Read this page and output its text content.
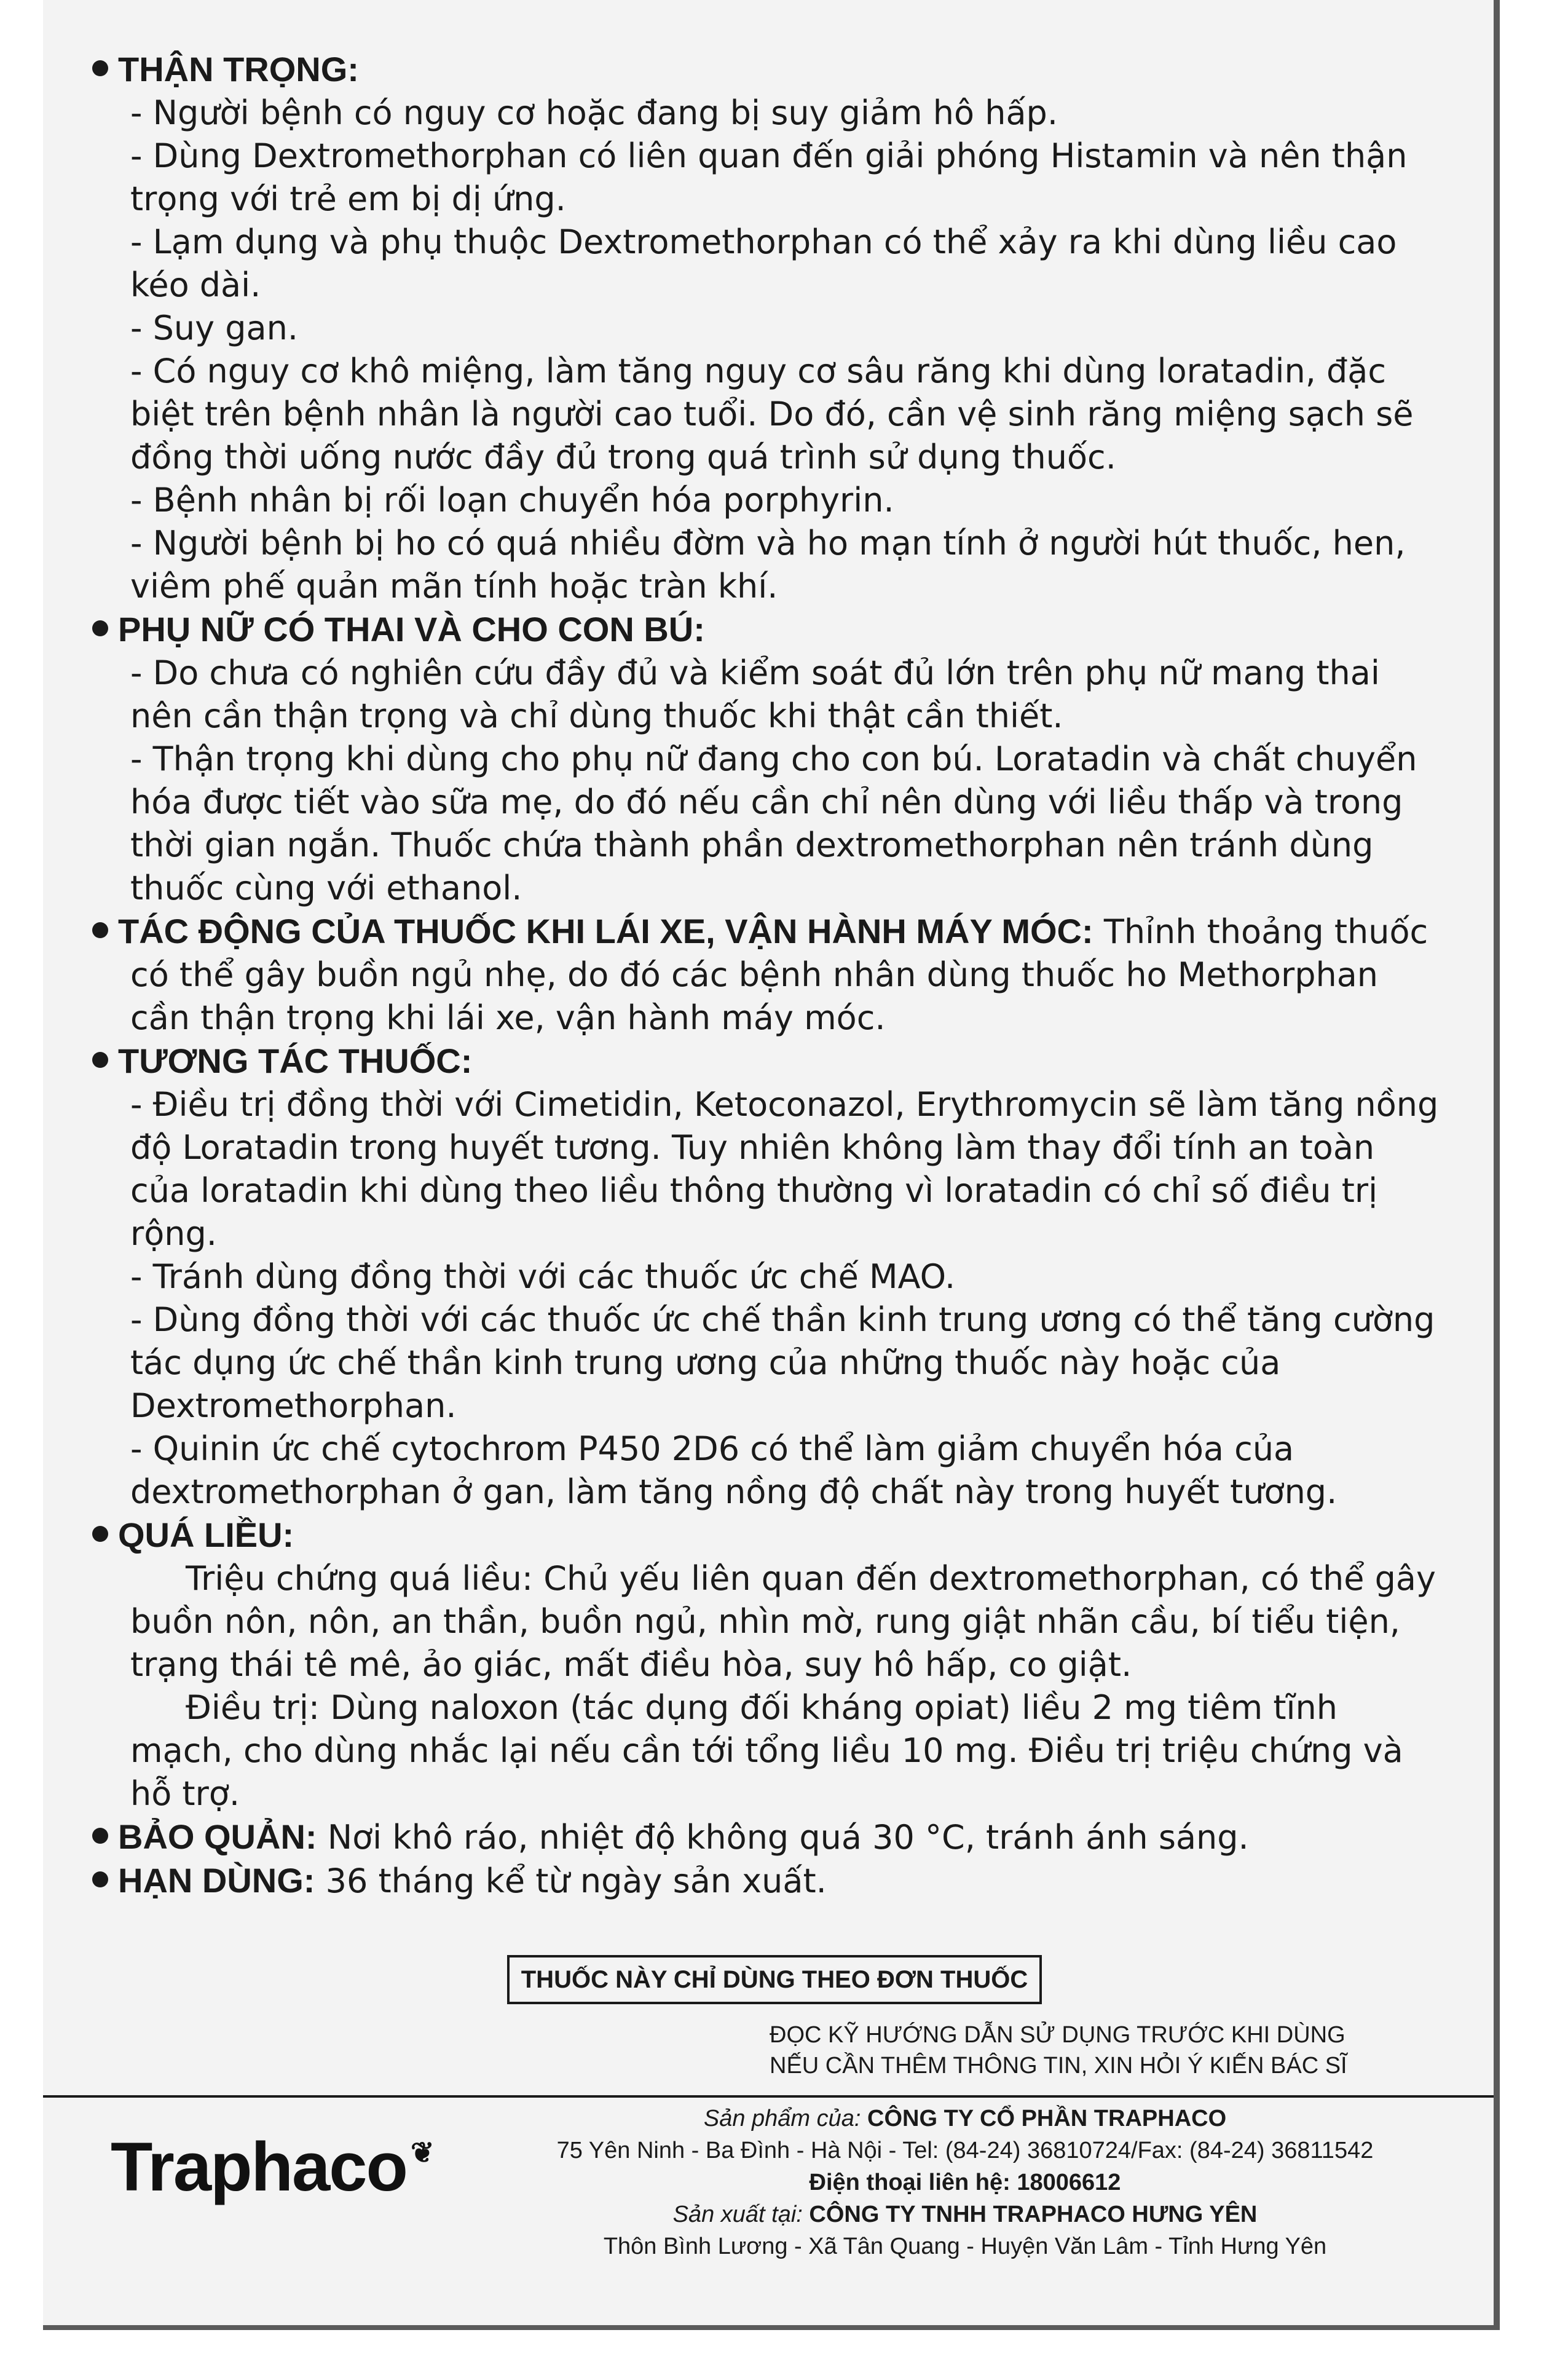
THẬN TRỌNG:
- Người bệnh có nguy cơ hoặc đang bị suy giảm hô hấp.
- Dùng Dextromethorphan có liên quan đến giải phóng Histamin và nên thận trọng với trẻ em bị dị ứng.
- Lạm dụng và phụ thuộc Dextromethorphan có thể xảy ra khi dùng liều cao kéo dài.
- Suy gan.
- Có nguy cơ khô miệng, làm tăng nguy cơ sâu răng khi dùng loratadin, đặc biệt trên bệnh nhân là người cao tuổi. Do đó, cần vệ sinh răng miệng sạch sẽ đồng thời uống nước đầy đủ trong quá trình sử dụng thuốc.
- Bệnh nhân bị rối loạn chuyển hóa porphyrin.
- Người bệnh bị ho có quá nhiều đờm và ho mạn tính ở người hút thuốc, hen, viêm phế quản mãn tính hoặc tràn khí.
PHỤ NỮ CÓ THAI VÀ CHO CON BÚ:
- Do chưa có nghiên cứu đầy đủ và kiểm soát đủ lớn trên phụ nữ mang thai nên cần thận trọng và chỉ dùng thuốc khi thật cần thiết.
- Thận trọng khi dùng cho phụ nữ đang cho con bú. Loratadin và chất chuyển hóa được tiết vào sữa mẹ, do đó nếu cần chỉ nên dùng với liều thấp và trong thời gian ngắn. Thuốc chứa thành phần dextromethorphan nên tránh dùng thuốc cùng với ethanol.
TÁC ĐỘNG CỦA THUỐC KHI LÁI XE, VẬN HÀNH MÁY MÓC: Thỉnh thoảng thuốc có thể gây buồn ngủ nhẹ, do đó các bệnh nhân dùng thuốc ho Methorphan cần thận trọng khi lái xe, vận hành máy móc.
TƯƠNG TÁC THUỐC:
- Điều trị đồng thời với Cimetidin, Ketoconazol, Erythromycin sẽ làm tăng nồng độ Loratadin trong huyết tương. Tuy nhiên không làm thay đổi tính an toàn của loratadin khi dùng theo liều thông thường vì loratadin có chỉ số điều trị rộng.
- Tránh dùng đồng thời với các thuốc ức chế MAO.
- Dùng đồng thời với các thuốc ức chế thần kinh trung ương có thể tăng cường tác dụng ức chế thần kinh trung ương của những thuốc này hoặc của Dextromethorphan.
- Quinin ức chế cytochrom P450 2D6 có thể làm giảm chuyển hóa của dextromethorphan ở gan, làm tăng nồng độ chất này trong huyết tương.
QUÁ LIỀU:
Triệu chứng quá liều: Chủ yếu liên quan đến dextromethorphan, có thể gây buồn nôn, nôn, an thần, buồn ngủ, nhìn mờ, rung giật nhãn cầu, bí tiểu tiện, trạng thái tê mê, ảo giác, mất điều hòa, suy hô hấp, co giật.
Điều trị: Dùng naloxon (tác dụng đối kháng opiat) liều 2 mg tiêm tĩnh mạch, cho dùng nhắc lại nếu cần tới tổng liều 10 mg. Điều trị triệu chứng và hỗ trợ.
BẢO QUẢN: Nơi khô ráo, nhiệt độ không quá 30 °C, tránh ánh sáng.
HẠN DÙNG: 36 tháng kể từ ngày sản xuất.
THUỐC NÀY CHỈ DÙNG THEO ĐƠN THUỐC
ĐỌC KỸ HƯỚNG DẪN SỬ DỤNG TRƯỚC KHI DÙNG
NẾU CẦN THÊM THÔNG TIN, XIN HỎI Ý KIẾN BÁC SĨ
Traphaco ❦
Sản phẩm của: CÔNG TY CỔ PHẦN TRAPHACO
75 Yên Ninh - Ba Đình - Hà Nội - Tel: (84-24) 36810724/Fax: (84-24) 36811542
Điện thoại liên hệ: 18006612
Sản xuất tại: CÔNG TY TNHH TRAPHACO HƯNG YÊN
Thôn Bình Lương - Xã Tân Quang - Huyện Văn Lâm - Tỉnh Hưng Yên
